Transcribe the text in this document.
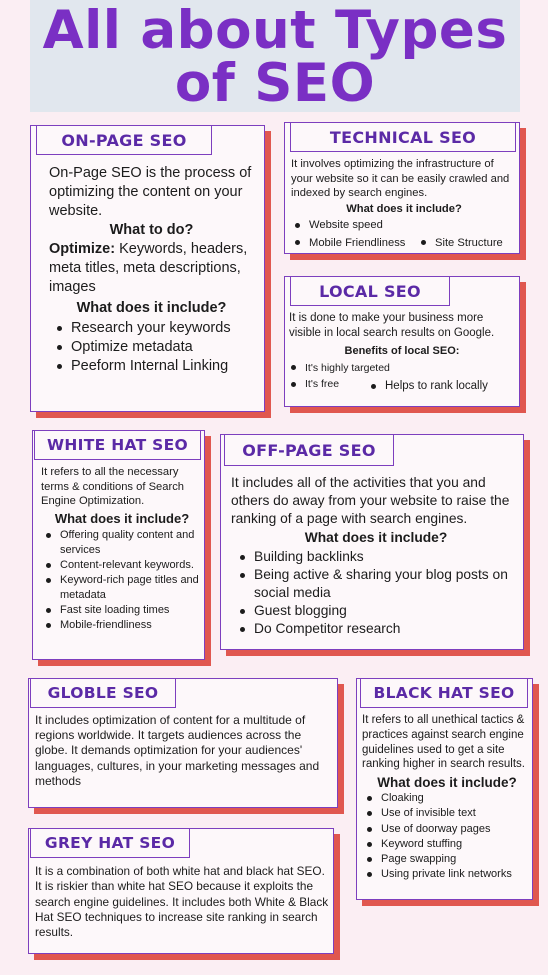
All about Types
of SEO
ON-PAGE SEO
On-Page SEO is the process of optimizing the content on your website.
What to do?
Optimize: Keywords, headers, meta titles, meta descriptions, images
What does it include?
Research your keywords
Optimize metadata
Peeform Internal Linking
TECHNICAL SEO
It involves optimizing the infrastructure of your website so it can be easily crawled and indexed by search engines.
What does it include?
Website speed
Mobile Friendliness	Site Structure
LOCAL SEO
It is done to make your business more visible in local search results on Google.
Benefits of local SEO:
It's highly targeted
It's free	Helps to rank locally
WHITE HAT SEO
It refers to all the necessary terms & conditions of Search Engine Optimization.
What does it include?
Offering quality content and services
Content-relevant keywords.
Keyword-rich page titles and metadata
Fast site loading times
Mobile-friendliness
OFF-PAGE SEO
It includes all of the activities that you and others do away from your website to raise the ranking of a page with search engines.
What does it include?
Building backlinks
Being active & sharing your blog posts on social media
Guest blogging
Do Competitor research
GLOBLE SEO
It includes optimization of content for a multitude of regions worldwide. It targets audiences across the globe. It demands optimization for your audiences' languages, cultures, in your marketing messages and methods
BLACK HAT SEO
It refers to all unethical tactics & practices against search engine guidelines used to get a site ranking higher in search results.
What does it include?
Cloaking
Use of invisible text
Use of doorway pages
Keyword stuffing
Page swapping
Using private link networks
GREY HAT SEO
It is a combination of both white hat and black hat SEO. It is riskier than white hat SEO because it exploits the search engine guidelines. It includes both White & Black Hat SEO techniques to increase site ranking in search results.
